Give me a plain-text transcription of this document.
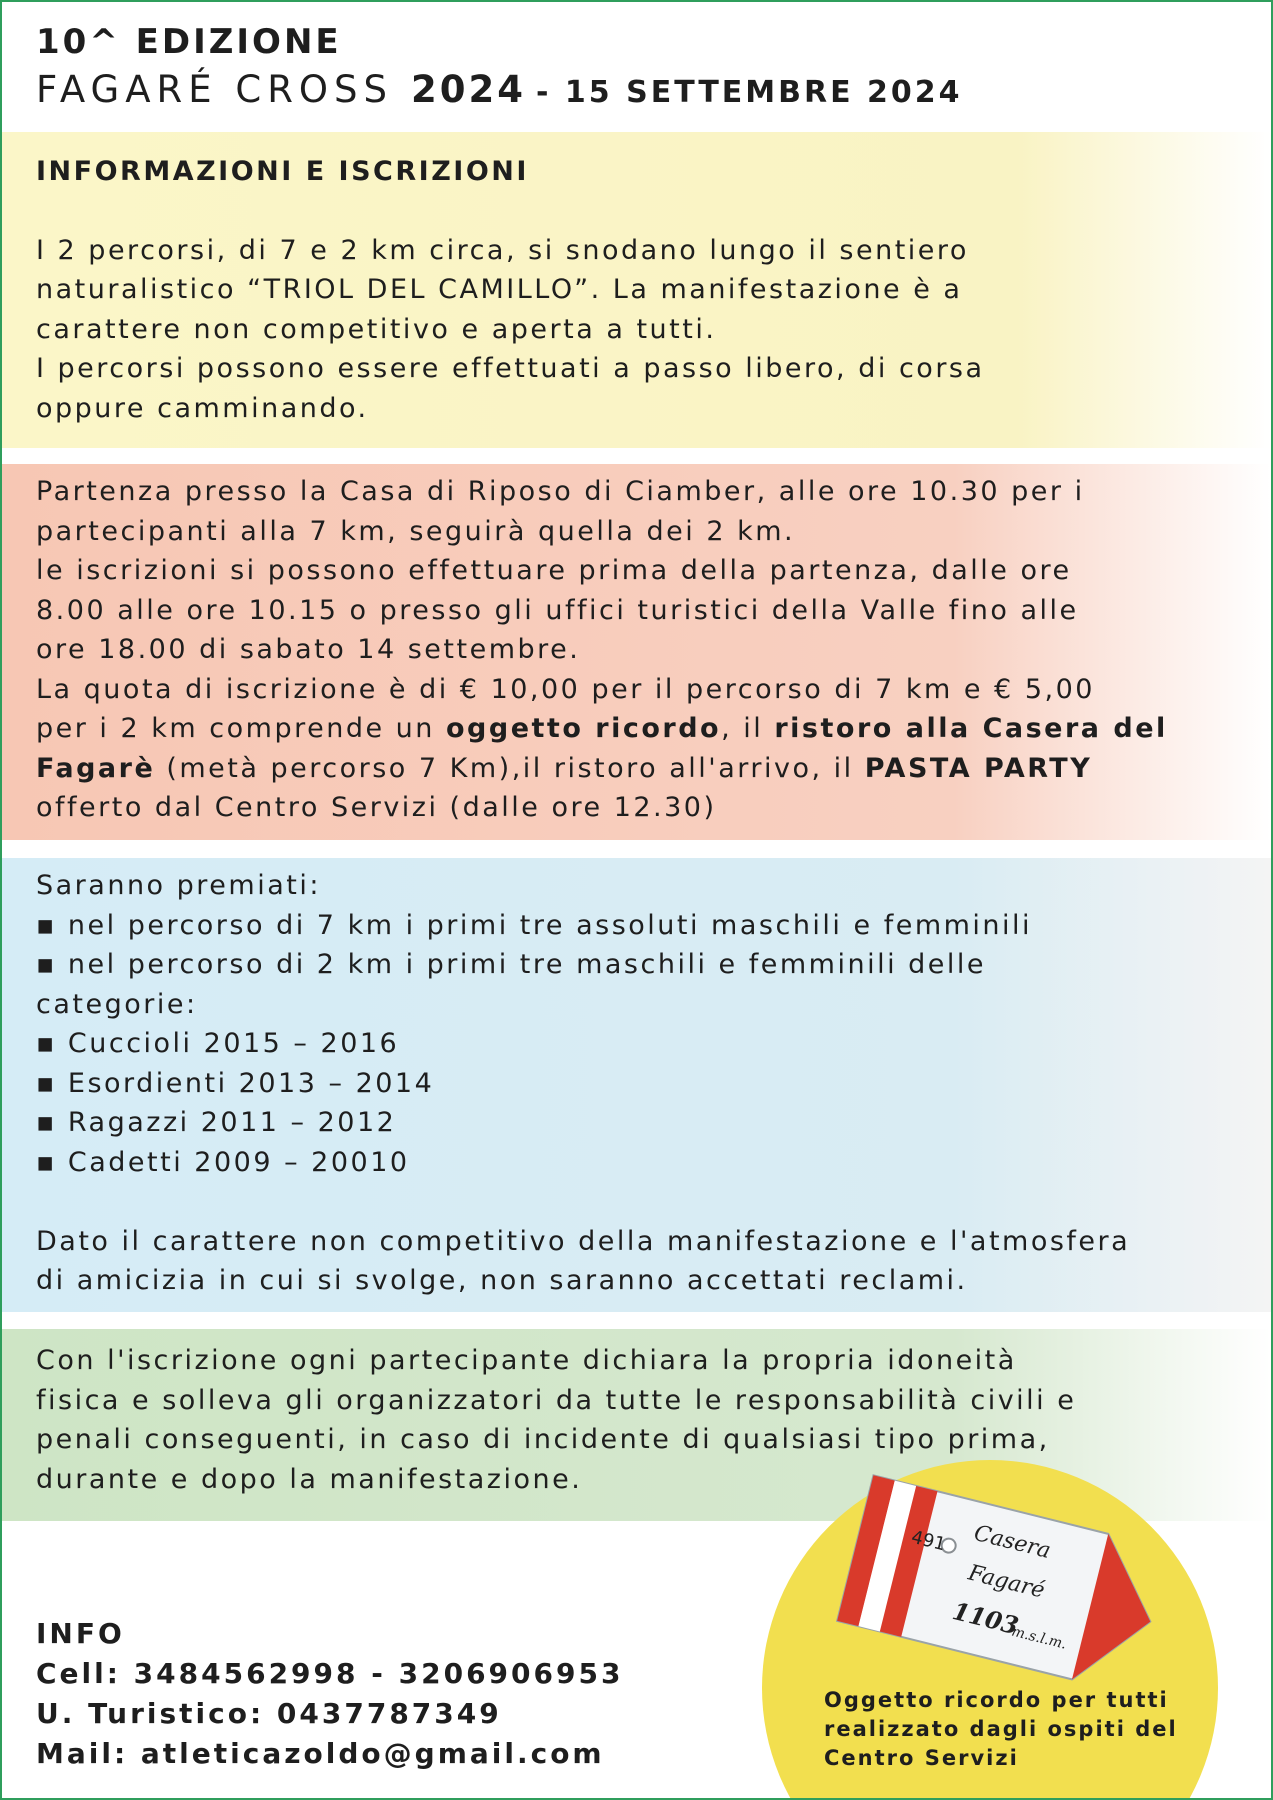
10^ EDIZIONE
FAGARÉ CROSS 2024 - 15 SETTEMBRE 2024

INFORMAZIONI E ISCRIZIONI

I 2 percorsi, di 7 e 2 km circa, si snodano lungo il sentiero

naturalistico “TRIOL DEL CAMILLO”. La manifestazione è a

carattere non competitivo e aperta a tutti.

I percorsi possono essere effettuati a passo libero, di corsa

oppure camminando.

Partenza presso la Casa di Riposo di Ciamber, alle ore 10.30 per i

partecipanti alla 7 km, seguirà quella dei 2 km.

le iscrizioni si possono effettuare prima della partenza, dalle ore

8.00 alle ore 10.15 o presso gli uffici turistici della Valle fino alle

ore 18.00 di sabato 14 settembre.

La quota di iscrizione è di € 10,00 per il percorso di 7 km e € 5,00

per i 2 km comprende un oggetto ricordo, il ristoro alla Casera del

Fagarè (metà percorso 7 Km),il ristoro all'arrivo, il PASTA PARTY

offerto dal Centro Servizi (dalle ore 12.30)

Saranno premiati:

▪ nel percorso di 7 km i primi tre assoluti maschili e femminili

▪ nel percorso di 2 km i primi tre maschili e femminili delle

categorie:

▪ Cuccioli 2015 – 2016

▪ Esordienti 2013 – 2014

▪ Ragazzi 2011 – 2012

▪ Cadetti 2009 – 20010

Dato il carattere non competitivo della manifestazione e l'atmosfera

di amicizia in cui si svolge, non saranno accettati reclami.

Con l'iscrizione ogni partecipante dichiara la propria idoneità

fisica e solleva gli organizzatori da tutte le responsabilità civili e

penali conseguenti, in caso di incidente di qualsiasi tipo prima,

durante e dopo la manifestazione.

INFO

Cell: 3484562998 - 3206906953

U. Turistico: 0437787349

Mail: atleticazoldo@gmail.com

491 Casera
Fagaré
1103
m.s.l.m.

Oggetto ricordo per tutti

realizzato dagli ospiti del

Centro Servizi
